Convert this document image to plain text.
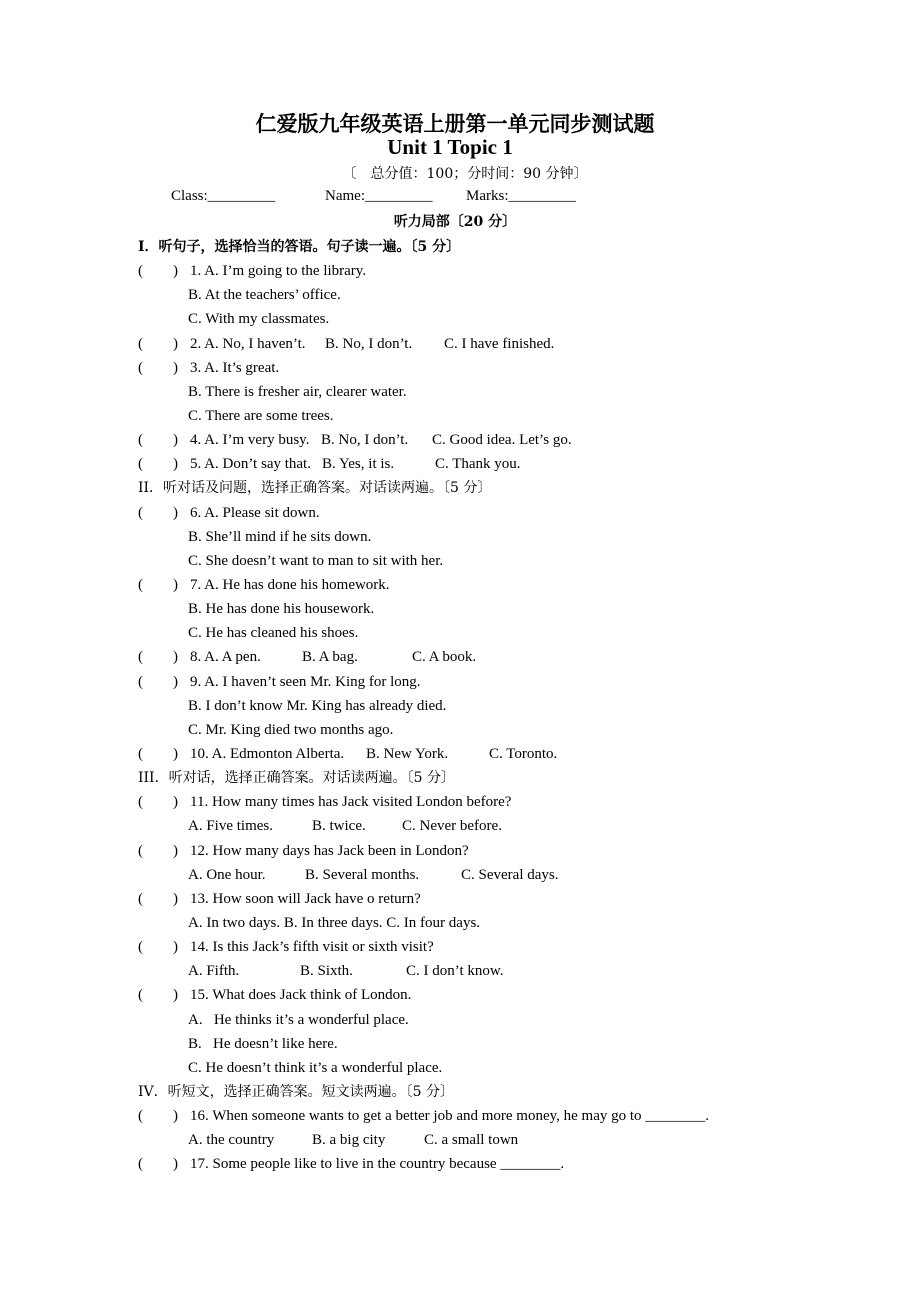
仁爱版九年级英语上册第一单元同步测试题
Unit 1 Topic 1
〔　总分值：100；分时间：90 分钟〕
Class:_________	Name:_________ Marks:_________
听力局部〔20 分〕
I．听句子，选择恰当的答语。句子读一遍。〔5 分〕
(　　) 1. A. I’m going to the library.
B. At the teachers’ office.
C. With my classmates.
(　　) 2. A. No, I haven’t.	B. No, I don’t.	C. I have finished.
(　　) 3. A. It’s great.
B. There is fresher air, clearer water.
C. There are some trees.
(　　) 4. A. I’m very busy. B. No, I don’t.	C. Good idea. Let’s go.
(　　) 5. A. Don’t say that. B. Yes, it is.	C. Thank you.
II．听对话及问题，选择正确答案。对话读两遍。〔5 分〕
(　　) 6. A. Please sit down.
B. She’ll mind if he sits down.
C. She doesn’t want to man to sit with her.
(　　) 7. A. He has done his homework.
B. He has done his housework.
C. He has cleaned his shoes.
(　　) 8. A. A pen.	B. A bag.	C. A book.
(　　) 9. A. I haven’t seen Mr. King for long.
B. I don’t know Mr. King has already died.
C. Mr. King died two months ago.
(　　) 10. A. Edmonton Alberta.	B. New York.	C. Toronto.
III．听对话，选择正确答案。对话读两遍。〔5 分〕
(　　) 11. How many times has Jack visited London before?
A. Five times.	B. twice. C. Never before.
(　　) 12. How many days has Jack been in London?
A. One hour.	B. Several months.	C. Several days.
(　　) 13. How soon will Jack have o return?
A. In two days. B. In three days. C. In four days.
(　　) 14. Is this Jack’s fifth visit or sixth visit?
A. Fifth.	B. Sixth.	C. I don’t know.
(　　) 15. What does Jack think of London.
A.   He thinks it’s a wonderful place.
B.   He doesn’t like here.
C. He doesn’t think it’s a wonderful place.
IV．听短文，选择正确答案。短文读两遍。〔5 分〕
(　　) 16. When someone wants to get a better job and more money, he may go to ________.
A. the country	B. a big city	C. a small town
(　　) 17. Some people like to live in the country because ________.
